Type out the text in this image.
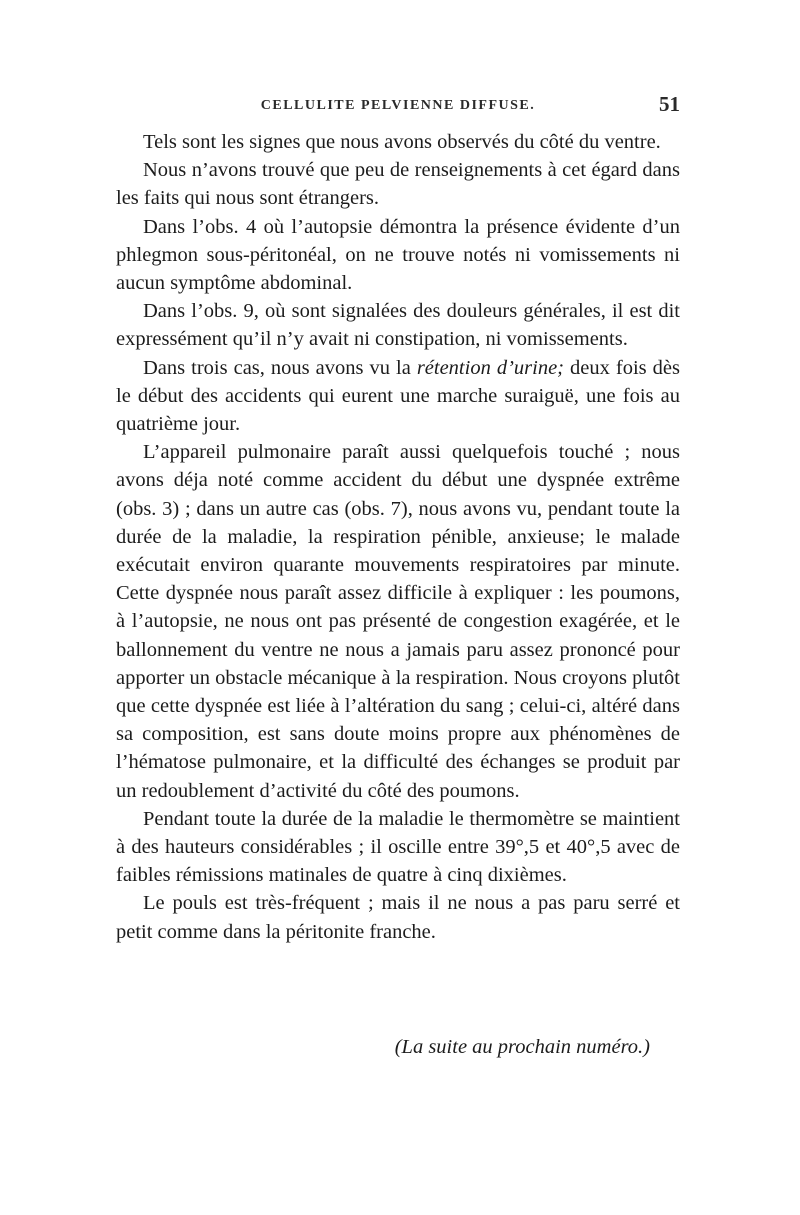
CELLULITE PELVIENNE DIFFUSE.	51

Tels sont les signes que nous avons observés du côté du ventre.

Nous n’avons trouvé que peu de renseignements à cet égard dans les faits qui nous sont étrangers.

Dans l’obs. 4 où l’autopsie démontra la présence évidente d’un phlegmon sous-péritonéal, on ne trouve notés ni vomissements ni aucun symptôme abdominal.

Dans l’obs. 9, où sont signalées des douleurs générales, il est dit expressément qu’il n’y avait ni constipation, ni vomissements.

Dans trois cas, nous avons vu la rétention d’urine; deux fois dès le début des accidents qui eurent une marche suraiguë, une fois au quatrième jour.

L’appareil pulmonaire paraît aussi quelquefois touché ; nous avons déja noté comme accident du début une dyspnée extrême (obs. 3) ; dans un autre cas (obs. 7), nous avons vu, pendant toute la durée de la maladie, la respiration pénible, anxieuse; le malade exécutait environ quarante mouvements respiratoires par minute. Cette dyspnée nous paraît assez difficile à expliquer : les poumons, à l’autopsie, ne nous ont pas présenté de congestion exagérée, et le ballonnement du ventre ne nous a jamais paru assez prononcé pour apporter un obstacle mécanique à la respiration. Nous croyons plutôt que cette dyspnée est liée à l’altération du sang ; celui-ci, altéré dans sa composition, est sans doute moins propre aux phénomènes de l’hématose pulmonaire, et la difficulté des échanges se produit par un redoublement d’activité du côté des poumons.

Pendant toute la durée de la maladie le thermomètre se maintient à des hauteurs considérables ; il oscille entre 39°,5 et 40°,5 avec de faibles rémissions matinales de quatre à cinq dixièmes.

Le pouls est très-fréquent ; mais il ne nous a pas paru serré et petit comme dans la péritonite franche.

(La suite au prochain numéro.)
